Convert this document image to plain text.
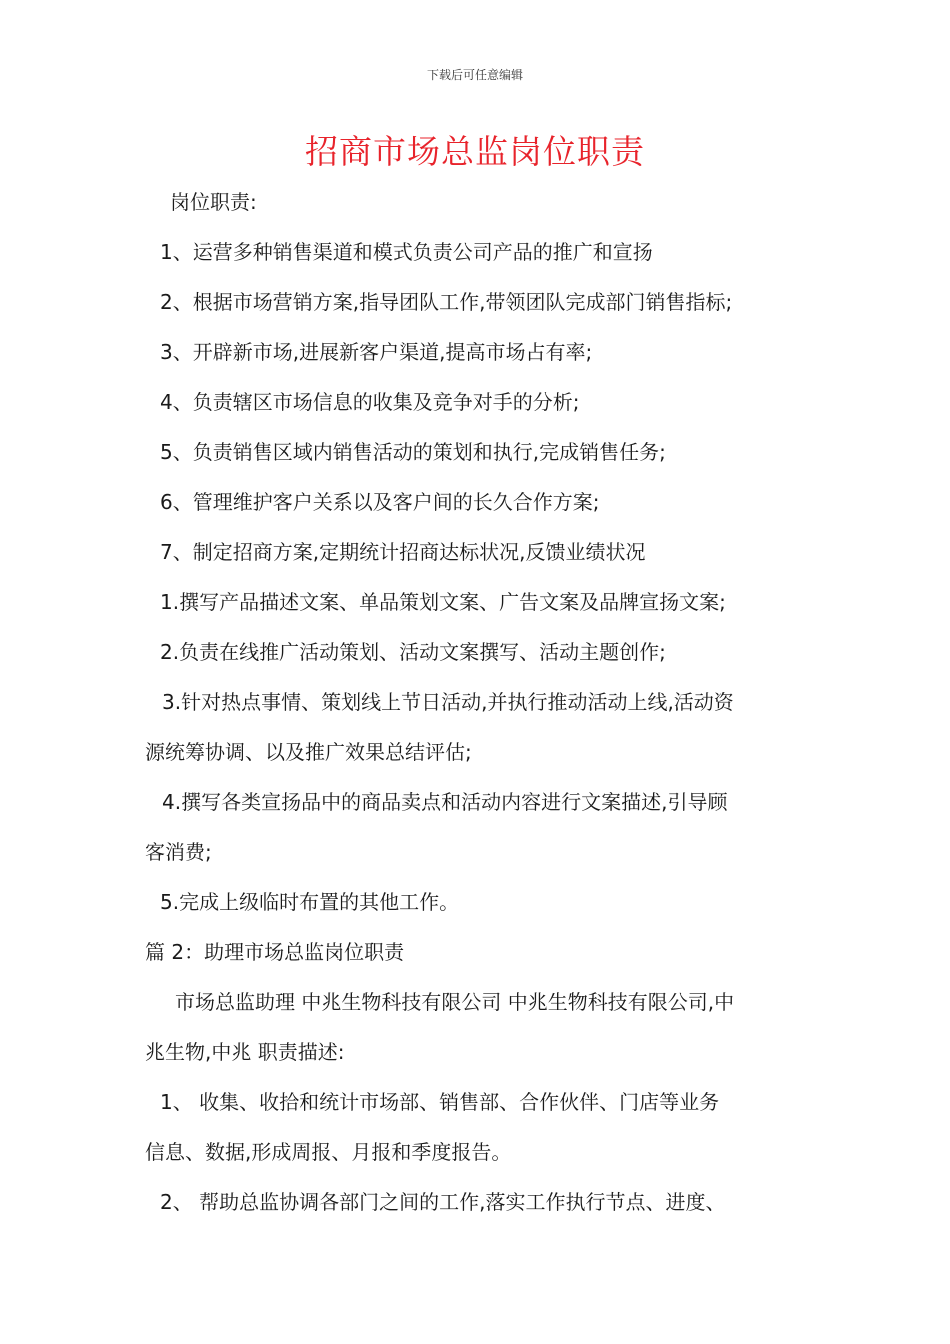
下载后可任意编辑
招商市场总监岗位职责
岗位职责:
1、运营多种销售渠道和模式负责公司产品的推广和宣扬
2、根据市场营销方案,指导团队工作,带领团队完成部门销售指标;
3、开辟新市场,进展新客户渠道,提高市场占有率;
4、负责辖区市场信息的收集及竞争对手的分析;
5、负责销售区域内销售活动的策划和执行,完成销售任务;
6、管理维护客户关系以及客户间的长久合作方案;
7、制定招商方案,定期统计招商达标状况,反馈业绩状况
1.撰写产品描述文案、单品策划文案、广告文案及品牌宣扬文案;
2.负责在线推广活动策划、活动文案撰写、活动主题创作;
3.针对热点事情、策划线上节日活动,并执行推动活动上线,活动资
源统筹协调、以及推广效果总结评估;
4.撰写各类宣扬品中的商品卖点和活动内容进行文案描述,引导顾
客消费;
5.完成上级临时布置的其他工作。
篇 2：助理市场总监岗位职责
市场总监助理 中兆生物科技有限公司 中兆生物科技有限公司,中
兆生物,中兆 职责描述:
1、 收集、收拾和统计市场部、销售部、合作伙伴、门店等业务
信息、数据,形成周报、月报和季度报告。
2、 帮助总监协调各部门之间的工作,落实工作执行节点、进度、
